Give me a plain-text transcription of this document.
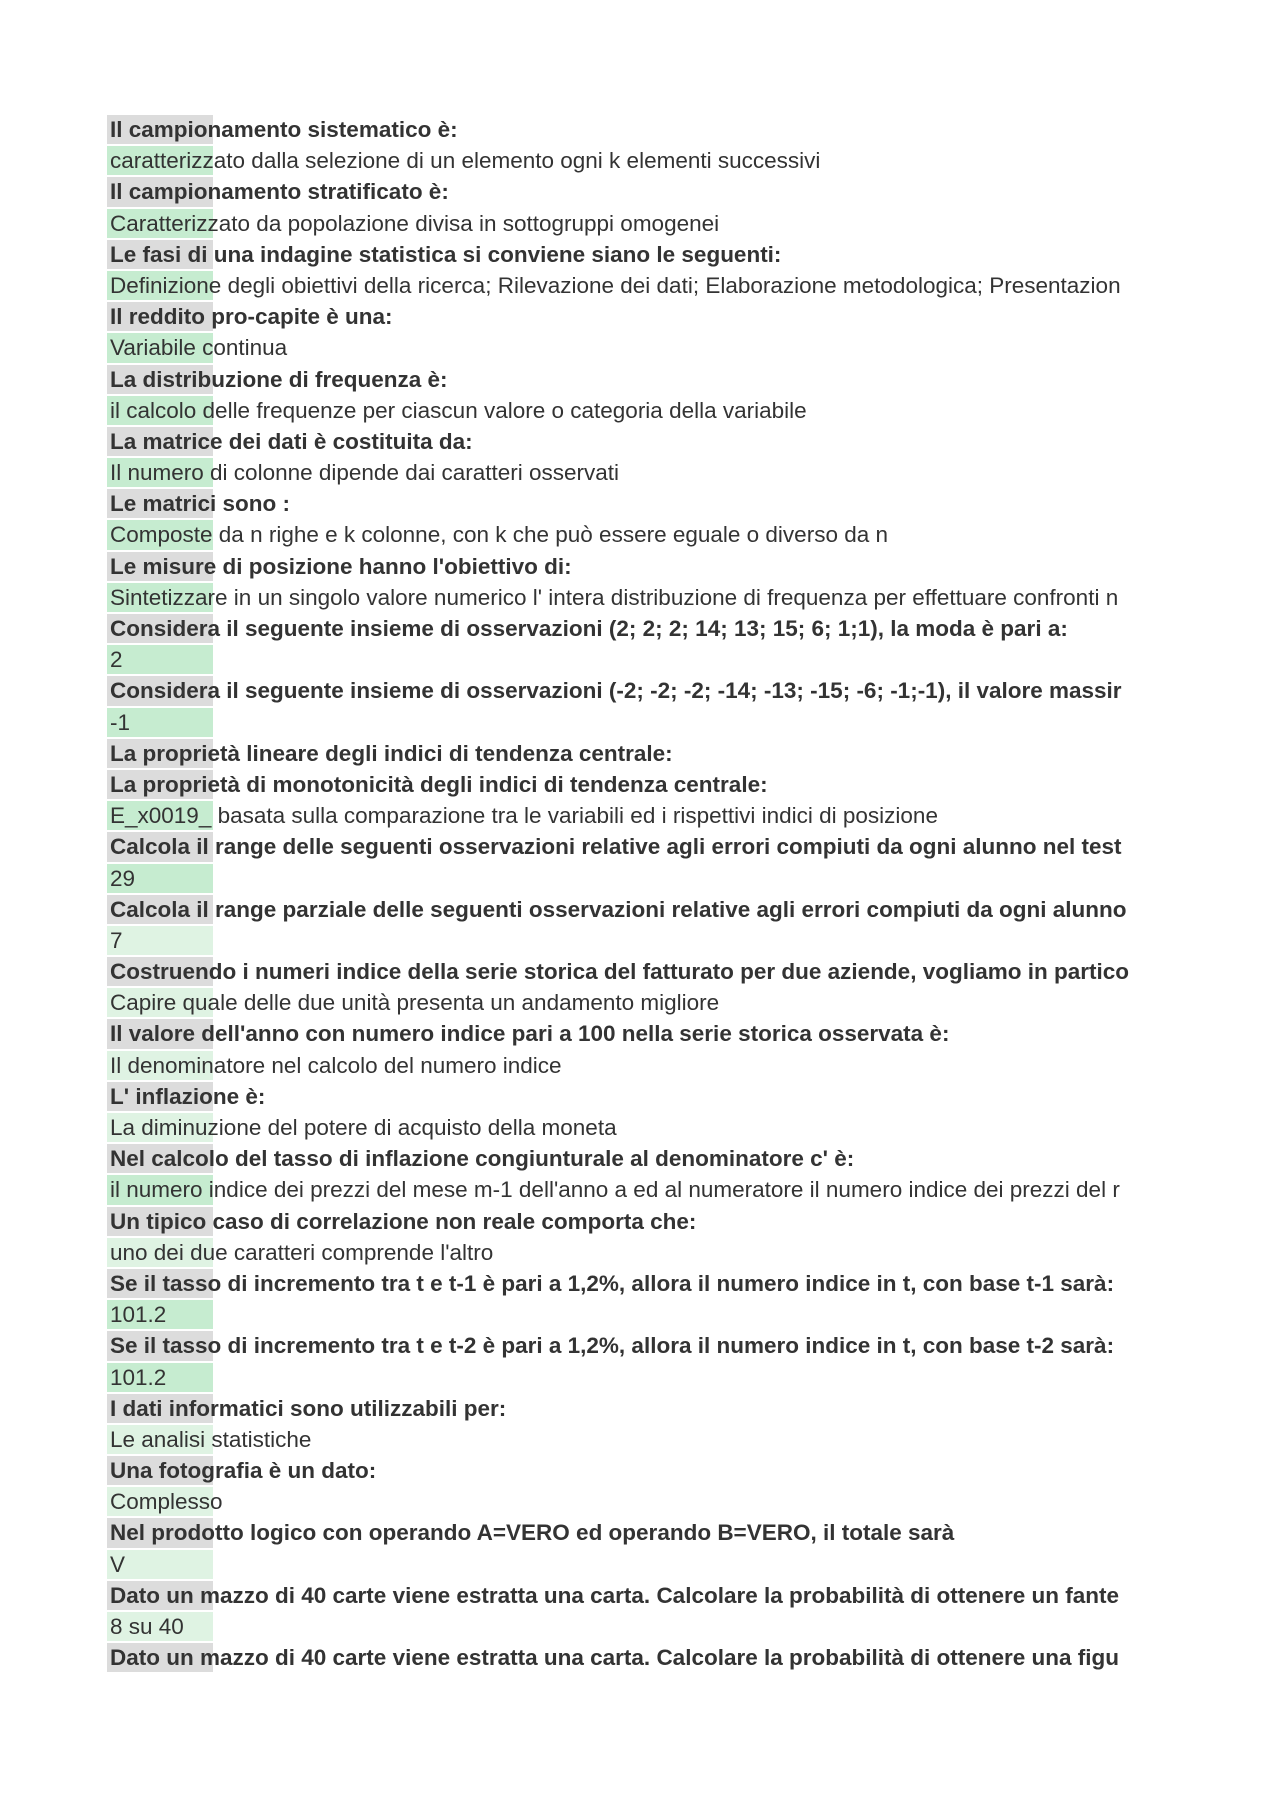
Il campionamento sistematico è:
caratterizzato dalla selezione di un elemento ogni k elementi successivi
Il campionamento stratificato è:
Caratterizzato da popolazione divisa in sottogruppi omogenei
Le fasi di una indagine statistica si conviene siano le seguenti:
Definizione degli obiettivi della ricerca; Rilevazione dei dati; Elaborazione metodologica; Presentazion
Il reddito pro-capite è una:
Variabile continua
La distribuzione di frequenza è:
il calcolo delle frequenze per ciascun valore o categoria della variabile
La matrice dei dati è costituita da:
Il numero di colonne dipende dai caratteri osservati
Le matrici sono :
Composte da n righe e k colonne, con k che può essere eguale o diverso da n
Le misure di posizione hanno l'obiettivo di:
Sintetizzare in un singolo valore numerico l' intera distribuzione di frequenza per effettuare confronti n
Considera il seguente insieme di osservazioni (2; 2; 2; 14; 13; 15; 6; 1;1), la moda è pari a:
2
Considera il seguente insieme di osservazioni (-2; -2; -2; -14; -13; -15; -6; -1;-1), il valore massir
-1
La proprietà lineare degli indici di tendenza centrale:
La proprietà di monotonicità degli indici di tendenza centrale:
E_x0019_ basata sulla comparazione tra le variabili ed i rispettivi indici di posizione
Calcola il range delle seguenti osservazioni relative agli errori compiuti da ogni alunno nel test
29
Calcola il range parziale delle seguenti osservazioni relative agli errori compiuti da ogni alunno
7
Costruendo i numeri indice della serie storica del fatturato per due aziende, vogliamo in partico
Capire quale delle due unità presenta un andamento migliore
Il valore dell'anno con numero indice pari a 100 nella serie storica osservata è:
Il denominatore nel calcolo del numero indice
L' inflazione è:
La diminuzione del potere di acquisto della moneta
Nel calcolo del tasso di inflazione congiunturale al denominatore c' è:
il numero indice dei prezzi del mese m-1 dell'anno a ed al numeratore il numero indice dei prezzi del r
Un tipico caso di correlazione non reale comporta che:
uno dei due caratteri comprende l'altro
Se il tasso di incremento tra t e t-1 è pari a 1,2%, allora il numero indice in t, con base t-1 sarà:
101.2
Se il tasso di incremento tra t e t-2 è pari a 1,2%, allora il numero indice in t, con base t-2 sarà:
101.2
I dati informatici sono utilizzabili per:
Le analisi statistiche
Una fotografia è un dato:
Complesso
Nel prodotto logico con operando A=VERO ed operando B=VERO, il totale sarà
V
Dato un mazzo di 40 carte viene estratta una carta. Calcolare la probabilità di ottenere un fante
8 su 40
Dato un mazzo di 40 carte viene estratta una carta. Calcolare la probabilità di ottenere una figu
